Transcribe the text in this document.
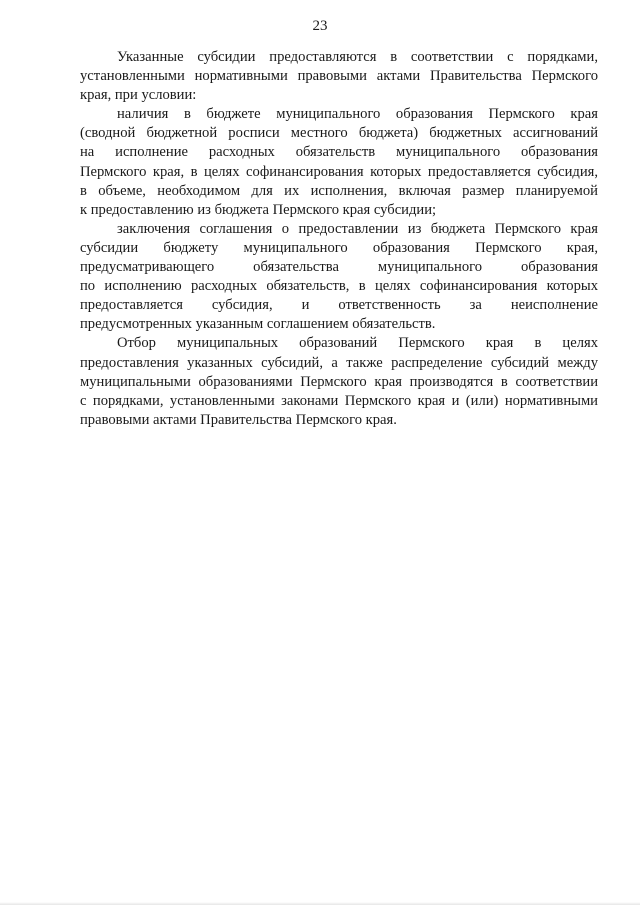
23

Указанные субсидии предоставляются в соответствии с порядками,
установленными нормативными правовыми актами Правительства Пермского
края, при условии:

наличия в бюджете муниципального образования Пермского края
(сводной бюджетной росписи местного бюджета) бюджетных ассигнований
на исполнение расходных обязательств муниципального образования
Пермского края, в целях софинансирования которых предоставляется субсидия,
в объеме, необходимом для их исполнения, включая размер планируемой
к предоставлению из бюджета Пермского края субсидии;

заключения соглашения о предоставлении из бюджета Пермского края
субсидии бюджету муниципального образования Пермского края,
предусматривающего обязательства муниципального образования
по исполнению расходных обязательств, в целях софинансирования которых
предоставляется субсидия, и ответственность за неисполнение
предусмотренных указанным соглашением обязательств.

Отбор муниципальных образований Пермского края в целях
предоставления указанных субсидий, а также распределение субсидий между
муниципальными образованиями Пермского края производятся в соответствии
с порядками, установленными законами Пермского края и (или) нормативными
правовыми актами Правительства Пермского края.
